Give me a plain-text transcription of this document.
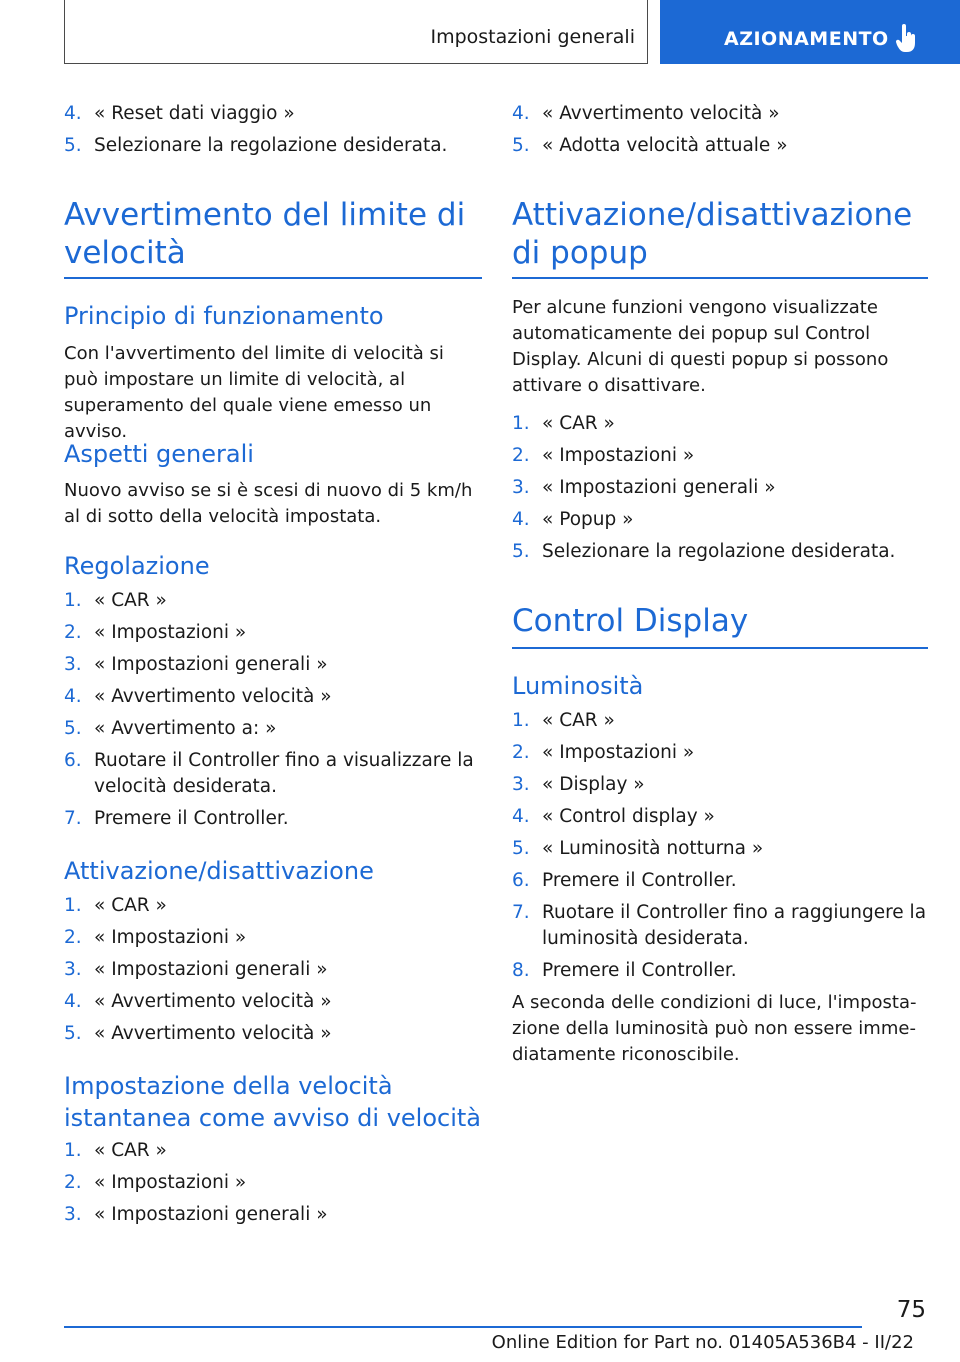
Impostazioni generali	AZIONAMENTO
4. « Reset dati viaggio »
5. Selezionare la regolazione desiderata.
Avvertimento del limite di velocità
Principio di funzionamento
Con l'avvertimento del limite di velocità si può impostare un limite di velocità, al superamento del quale viene emesso un avviso.
Aspetti generali
Nuovo avviso se si è scesi di nuovo di 5 km/h al di sotto della velocità impostata.
Regolazione
1. « CAR »
2. « Impostazioni »
3. « Impostazioni generali »
4. « Avvertimento velocità »
5. « Avvertimento a: »
6. Ruotare il Controller fino a visualizzare la velocità desiderata.
7. Premere il Controller.
Attivazione/disattivazione
1. « CAR »
2. « Impostazioni »
3. « Impostazioni generali »
4. « Avvertimento velocità »
5. « Avvertimento velocità »
Impostazione della velocità istantanea come avviso di velocità
1. « CAR »
2. « Impostazioni »
3. « Impostazioni generali »
4. « Avvertimento velocità »
5. « Adotta velocità attuale »
Attivazione/disattivazione di popup
Per alcune funzioni vengono visualizzate automaticamente dei popup sul Control Display. Alcuni di questi popup si possono attivare o disattivare.
1. « CAR »
2. « Impostazioni »
3. « Impostazioni generali »
4. « Popup »
5. Selezionare la regolazione desiderata.
Control Display
Luminosità
1. « CAR »
2. « Impostazioni »
3. « Display »
4. « Control display »
5. « Luminosità notturna »
6. Premere il Controller.
7. Ruotare il Controller fino a raggiungere la luminosità desiderata.
8. Premere il Controller.
A seconda delle condizioni di luce, l'impostazione della luminosità può non essere immediatamente riconoscibile.
75
Online Edition for Part no. 01405A536B4 - II/22
